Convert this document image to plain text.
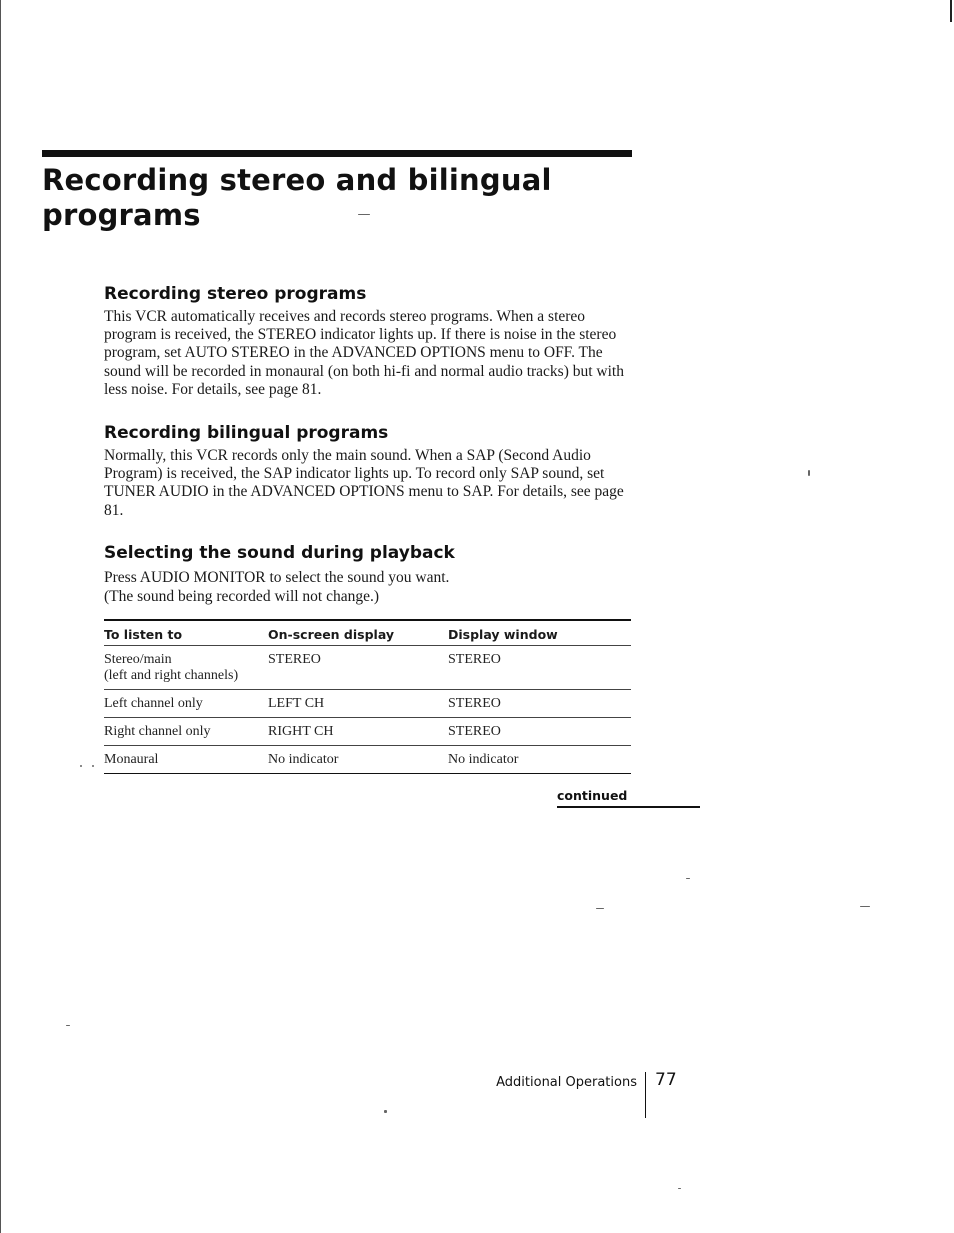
Recording stereo and bilingual programs
Recording stereo programs

This VCR automatically receives and records stereo programs. When a stereo program is received, the STEREO indicator lights up. If there is noise in the stereo program, set AUTO STEREO in the ADVANCED OPTIONS menu to OFF. The sound will be recorded in monaural (on both hi-fi and normal audio tracks) but with less noise. For details, see page 81.

Recording bilingual programs

Normally, this VCR records only the main sound. When a SAP (Second Audio Program) is received, the SAP indicator lights up. To record only SAP sound, set TUNER AUDIO in the ADVANCED OPTIONS menu to SAP. For details, see page 81.

Selecting the sound during playback

Press AUDIO MONITOR to select the sound you want.

(The sound being recorded will not change.)

To listen to	On-screen display	Display window
Stereo/main
(left and right channels)	STEREO	STEREO
Left channel only	LEFT CH	STEREO
Right channel only	RIGHT CH	STEREO
Monaural	No indicator	No indicator
continued
Additional Operations 77
